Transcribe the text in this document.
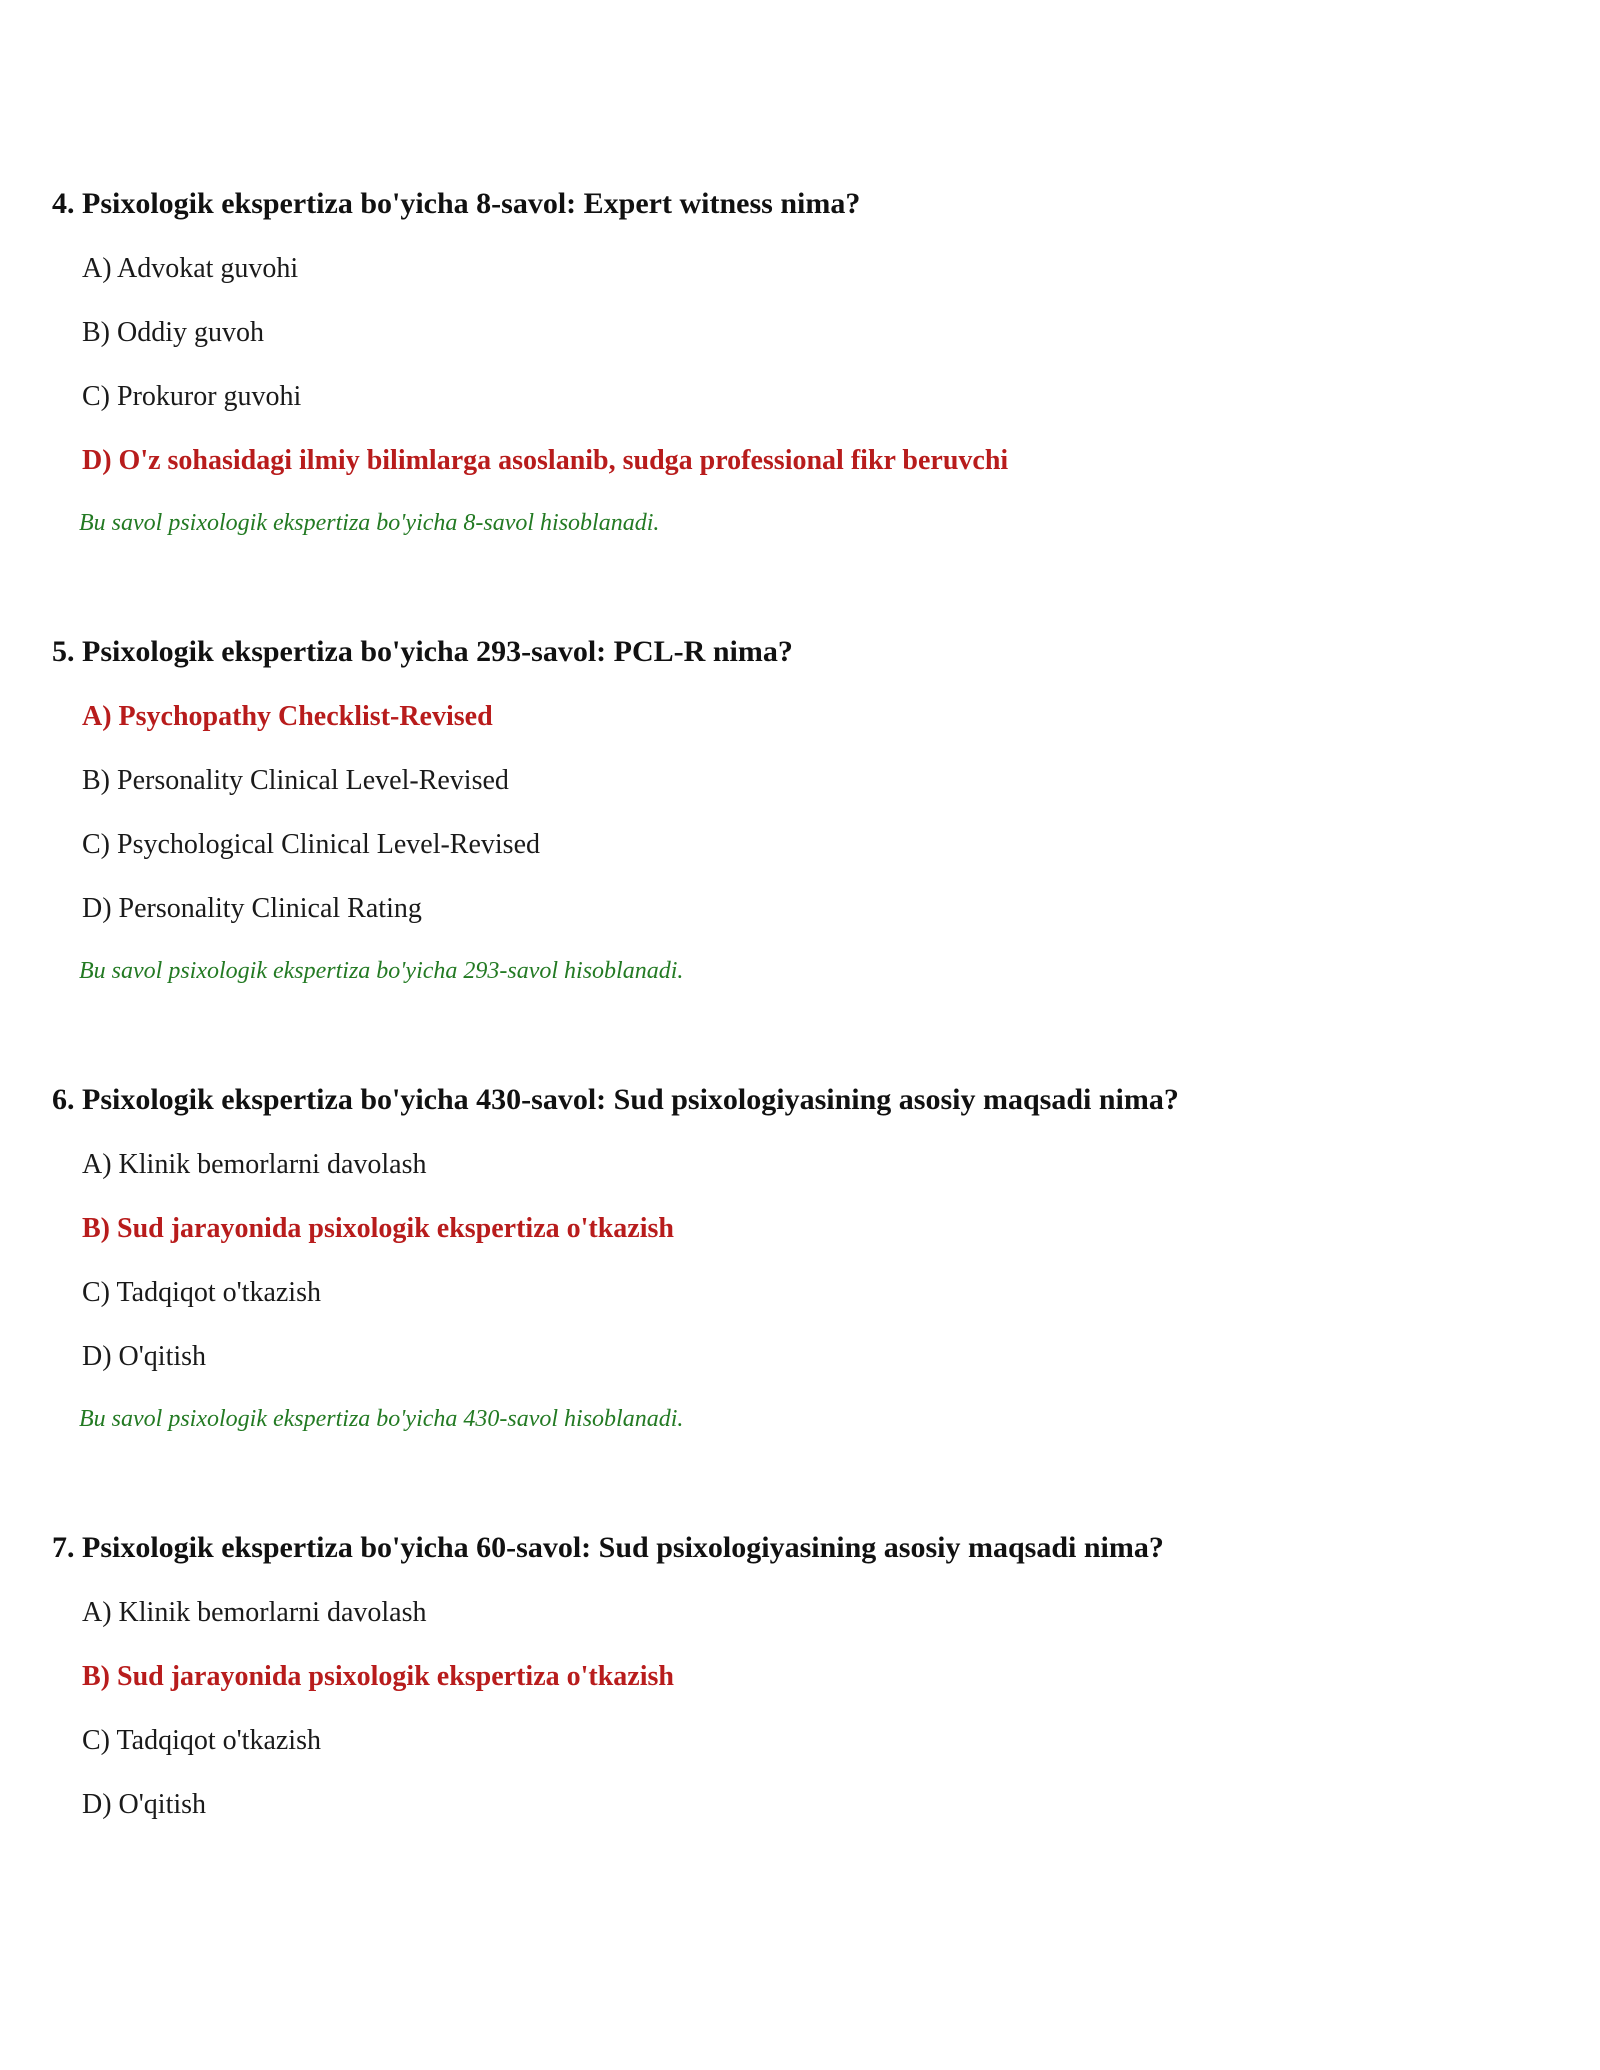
4. Psixologik ekspertiza bo'yicha 8-savol: Expert witness nima?
A) Advokat guvohi
B) Oddiy guvoh
C) Prokuror guvohi
D) O'z sohasidagi ilmiy bilimlarga asoslanib, sudga professional fikr beruvchi
Bu savol psixologik ekspertiza bo'yicha 8-savol hisoblanadi.
5. Psixologik ekspertiza bo'yicha 293-savol: PCL-R nima?
A) Psychopathy Checklist-Revised
B) Personality Clinical Level-Revised
C) Psychological Clinical Level-Revised
D) Personality Clinical Rating
Bu savol psixologik ekspertiza bo'yicha 293-savol hisoblanadi.
6. Psixologik ekspertiza bo'yicha 430-savol: Sud psixologiyasining asosiy maqsadi nima?
A) Klinik bemorlarni davolash
B) Sud jarayonida psixologik ekspertiza o'tkazish
C) Tadqiqot o'tkazish
D) O'qitish
Bu savol psixologik ekspertiza bo'yicha 430-savol hisoblanadi.
7. Psixologik ekspertiza bo'yicha 60-savol: Sud psixologiyasining asosiy maqsadi nima?
A) Klinik bemorlarni davolash
B) Sud jarayonida psixologik ekspertiza o'tkazish
C) Tadqiqot o'tkazish
D) O'qitish
